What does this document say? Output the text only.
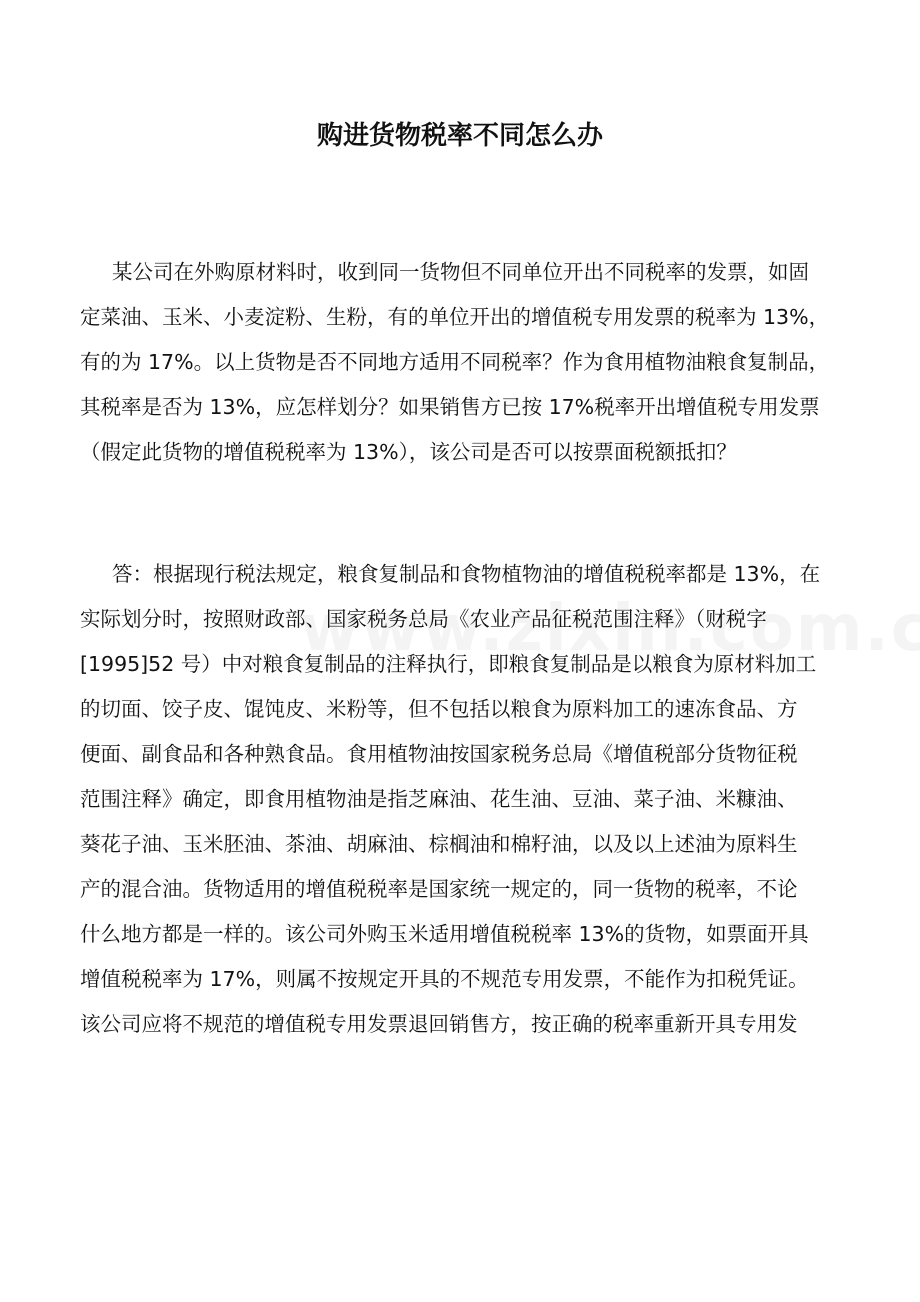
购进货物税率不同怎么办
某公司在外购原材料时，收到同一货物但不同单位开出不同税率的发票，如固
定菜油、玉米、小麦淀粉、生粉，有的单位开出的增值税专用发票的税率为 13%，
有的为 17%。以上货物是否不同地方适用不同税率？作为食用植物油粮食复制品，
其税率是否为 13%，应怎样划分？如果销售方已按 17%税率开出增值税专用发票
（假定此货物的增值税税率为 13%），该公司是否可以按票面税额抵扣？
答：根据现行税法规定，粮食复制品和食物植物油的增值税税率都是 13%，在
实际划分时，按照财政部、国家税务总局《农业产品征税范围注释》（财税字
[1995]52 号）中对粮食复制品的注释执行，即粮食复制品是以粮食为原材料加工
的切面、饺子皮、馄饨皮、米粉等，但不包括以粮食为原料加工的速冻食品、方
便面、副食品和各种熟食品。食用植物油按国家税务总局《增值税部分货物征税
范围注释》确定，即食用植物油是指芝麻油、花生油、豆油、菜子油、米糠油、
葵花子油、玉米胚油、茶油、胡麻油、棕榈油和棉籽油，以及以上述油为原料生
产的混合油。货物适用的增值税税率是国家统一规定的，同一货物的税率，不论
什么地方都是一样的。该公司外购玉米适用增值税税率 13%的货物，如票面开具
增值税税率为 17%，则属不按规定开具的不规范专用发票，不能作为扣税凭证。
该公司应将不规范的增值税专用发票退回销售方，按正确的税率重新开具专用发
